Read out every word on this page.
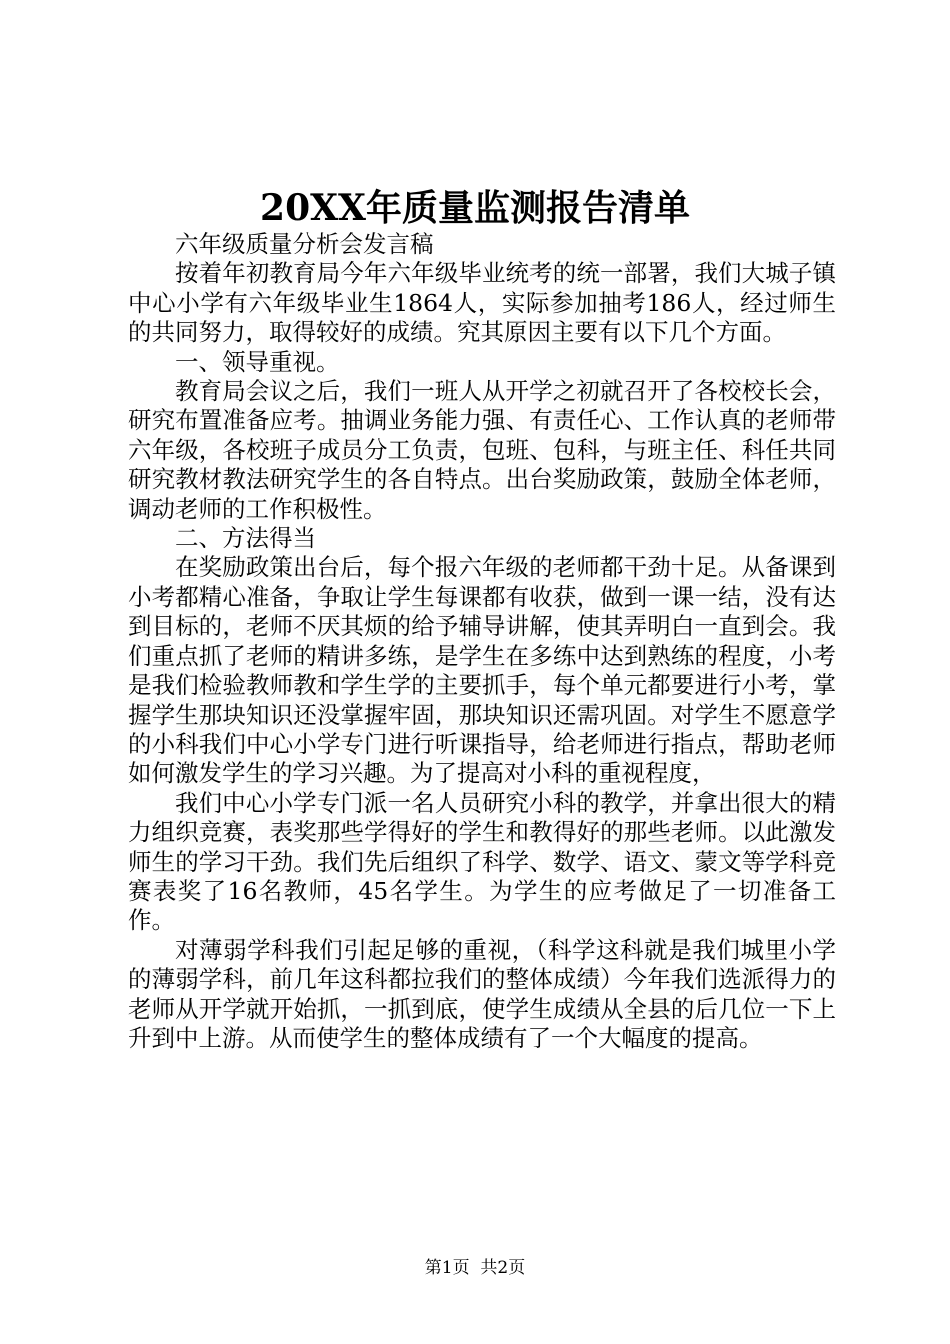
20XX年质量监测报告清单

六年级质量分析会发言稿

按着年初教育局今年六年级毕业统考的统一部署，我们大城子镇中心小学有六年级毕业生1864人，实际参加抽考186人，经过师生的共同努力，取得较好的成绩。究其原因主要有以下几个方面。

一、领导重视。

教育局会议之后，我们一班人从开学之初就召开了各校校长会，研究布置准备应考。抽调业务能力强、有责任心、工作认真的老师带六年级，各校班子成员分工负责，包班、包科，与班主任、科任共同研究教材教法研究学生的各自特点。出台奖励政策，鼓励全体老师，调动老师的工作积极性。

二、方法得当

在奖励政策出台后，每个报六年级的老师都干劲十足。从备课到小考都精心准备，争取让学生每课都有收获，做到一课一结，没有达到目标的，老师不厌其烦的给予辅导讲解，使其弄明白一直到会。我们重点抓了老师的精讲多练，是学生在多练中达到熟练的程度，小考是我们检验教师教和学生学的主要抓手，每个单元都要进行小考，掌握学生那块知识还没掌握牢固，那块知识还需巩固。对学生不愿意学的小科我们中心小学专门进行听课指导，给老师进行指点，帮助老师如何激发学生的学习兴趣。为了提高对小科的重视程度，

我们中心小学专门派一名人员研究小科的教学，并拿出很大的精力组织竞赛，表奖那些学得好的学生和教得好的那些老师。以此激发师生的学习干劲。我们先后组织了科学、数学、语文、蒙文等学科竞赛表奖了16名教师，45名学生。为学生的应考做足了一切准备工作。

对薄弱学科我们引起足够的重视，（科学这科就是我们城里小学的薄弱学科，前几年这科都拉我们的整体成绩）今年我们选派得力的老师从开学就开始抓，一抓到底，使学生成绩从全县的后几位一下上升到中上游。从而使学生的整体成绩有了一个大幅度的提高。

第1页 共2页
